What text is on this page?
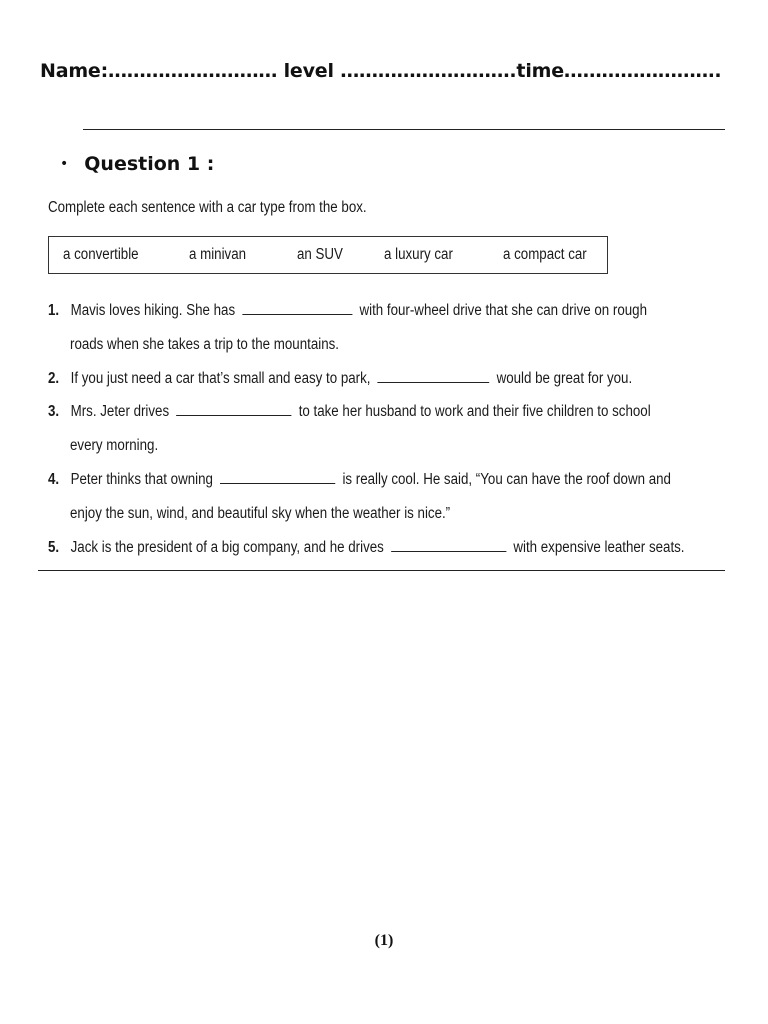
Name:……………………… level ……………………….time…………………….
• Question 1 :
Complete each sentence with a car type from the box.
a convertible	a minivan	an SUV	a luxury car	a compact car
1. Mavis loves hiking. She has	with four-wheel drive that she can drive on rough
roads when she takes a trip to the mountains.
2. If you just need a car that’s small and easy to park,	would be great for you.
3. Mrs. Jeter drives	to take her husband to work and their five children to school
every morning.
4. Peter thinks that owning	is really cool. He said, “You can have the roof down and
enjoy the sun, wind, and beautiful sky when the weather is nice.”
5. Jack is the president of a big company, and he drives	with expensive leather seats.
(1)
